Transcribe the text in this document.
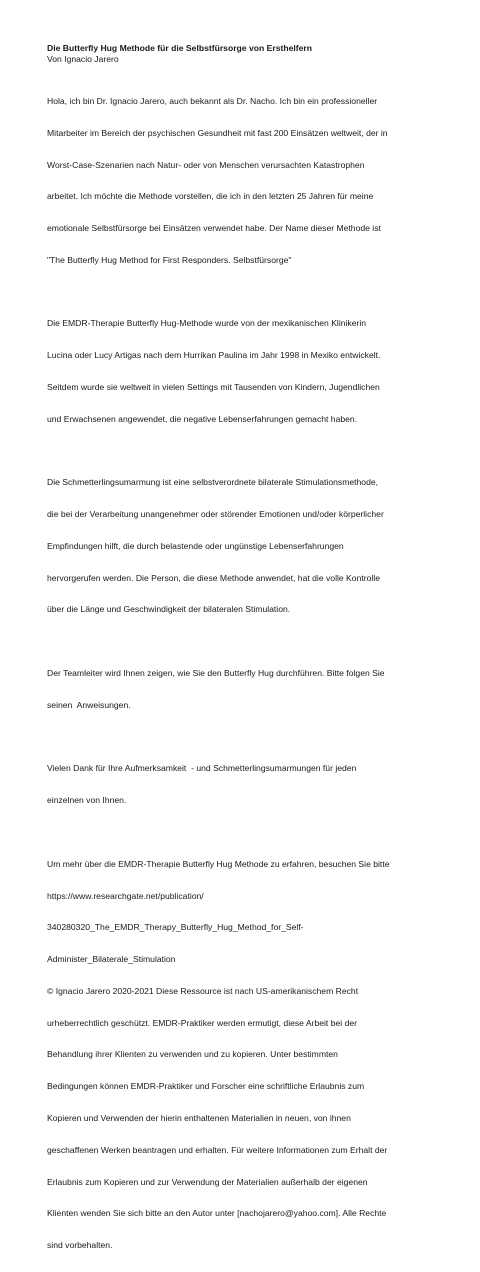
Die Butterfly Hug Methode für die Selbstfürsorge von Ersthelfern
Von Ignacio Jarero

Hola, ich bin Dr. Ignacio Jarero, auch bekannt als Dr. Nacho. Ich bin ein professioneller

Mitarbeiter im Bereich der psychischen Gesundheit mit fast 200 Einsätzen weltweit, der in

Worst-Case-Szenarien nach Natur- oder von Menschen verursachten Katastrophen

arbeitet. Ich möchte die Methode vorstellen, die ich in den letzten 25 Jahren für meine

emotionale Selbstfürsorge bei Einsätzen verwendet habe. Der Name dieser Methode ist

"The Butterfly Hug Method for First Responders. Selbstfürsorge"

Die EMDR-Therapie Butterfly Hug-Methode wurde von der mexikanischen Klinikerin

Lucina oder Lucy Artigas nach dem Hurrikan Paulina im Jahr 1998 in Mexiko entwickelt.

Seitdem wurde sie weltweit in vielen Settings mit Tausenden von Kindern, Jugendlichen

und Erwachsenen angewendet, die negative Lebenserfahrungen gemacht haben.

Die Schmetterlingsumarmung ist eine selbstverordnete bilaterale Stimulationsmethode,

die bei der Verarbeitung unangenehmer oder störender Emotionen und/oder körperlicher

Empfindungen hilft, die durch belastende oder ungünstige Lebenserfahrungen

hervorgerufen werden. Die Person, die diese Methode anwendet, hat die volle Kontrolle

über die Länge und Geschwindigkeit der bilateralen Stimulation.

Der Teamleiter wird Ihnen zeigen, wie Sie den Butterfly Hug durchführen. Bitte folgen Sie

seinen  Anweisungen.

Vielen Dank für Ihre Aufmerksamkeit  - und Schmetterlingsumarmungen für jeden

einzelnen von Ihnen.

Um mehr über die EMDR-Therapie Butterfly Hug Methode zu erfahren, besuchen Sie bitte

https://www.researchgate.net/publication/

340280320_The_EMDR_Therapy_Butterfly_Hug_Method_for_Self-

Administer_Bilaterale_Stimulation

© Ignacio Jarero 2020-2021 Diese Ressource ist nach US-amerikanischem Recht

urheberrechtlich geschützt. EMDR-Praktiker werden ermutigt, diese Arbeit bei der

Behandlung ihrer Klienten zu verwenden und zu kopieren. Unter bestimmten

Bedingungen können EMDR-Praktiker und Forscher eine schriftliche Erlaubnis zum

Kopieren und Verwenden der hierin enthaltenen Materialien in neuen, von ihnen

geschaffenen Werken beantragen und erhalten. Für weitere Informationen zum Erhalt der

Erlaubnis zum Kopieren und zur Verwendung der Materialien außerhalb der eigenen

Klienten wenden Sie sich bitte an den Autor unter [nachojarero@yahoo.com]. Alle Rechte

sind vorbehalten.
